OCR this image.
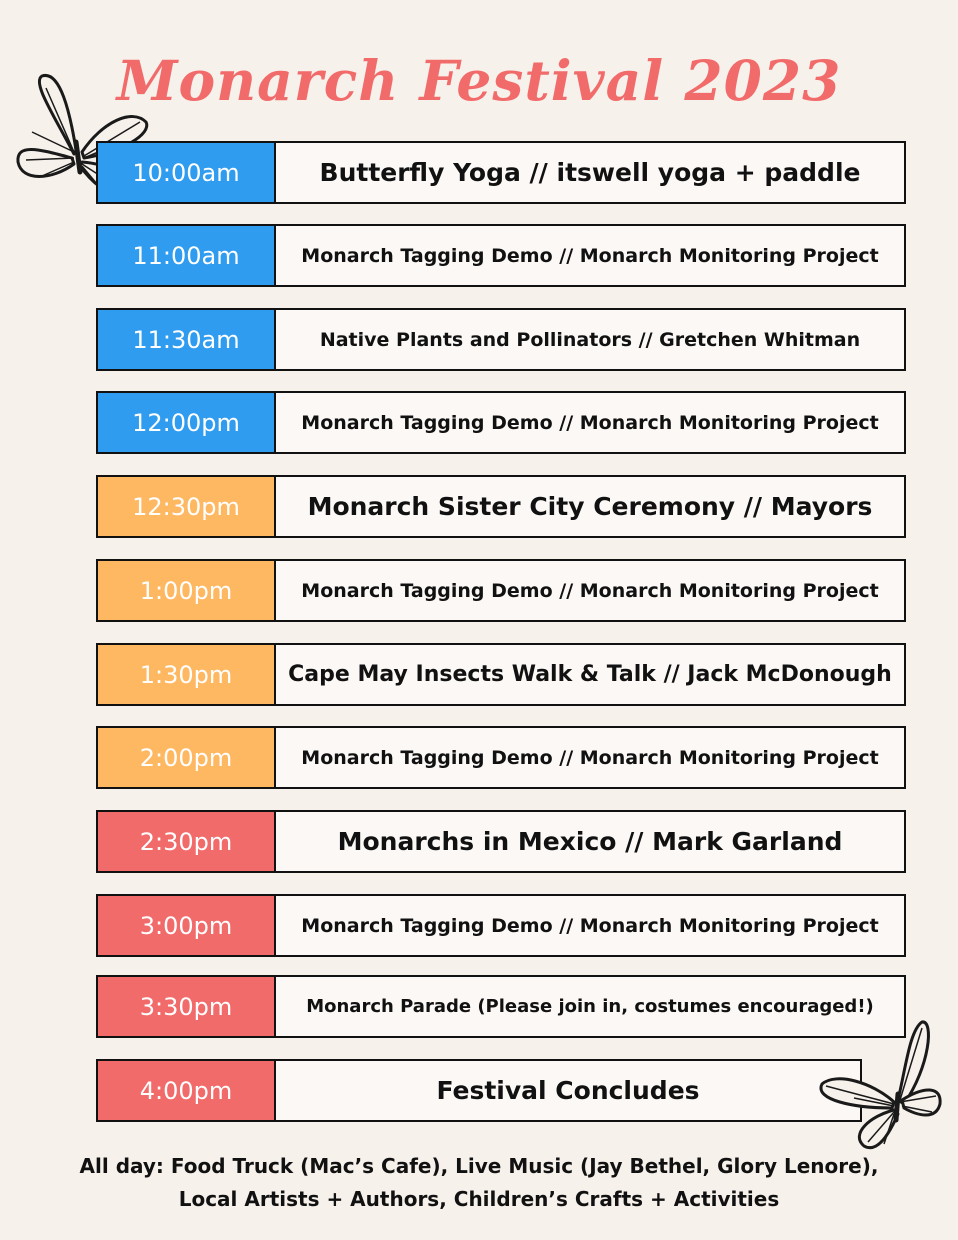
Monarch Festival 2023
10:00am	Butterfly Yoga // itswell yoga + paddle
11:00am	Monarch Tagging Demo // Monarch Monitoring Project
11:30am	Native Plants and Pollinators // Gretchen Whitman
12:00pm	Monarch Tagging Demo // Monarch Monitoring Project
12:30pm	Monarch Sister City Ceremony // Mayors
1:00pm	Monarch Tagging Demo // Monarch Monitoring Project
1:30pm	Cape May Insects Walk & Talk // Jack McDonough
2:00pm	Monarch Tagging Demo // Monarch Monitoring Project
2:30pm	Monarchs in Mexico // Mark Garland
3:00pm	Monarch Tagging Demo // Monarch Monitoring Project
3:30pm	Monarch Parade (Please join in, costumes encouraged!)
4:00pm	Festival Concludes
All day: Food Truck (Mac’s Cafe), Live Music (Jay Bethel, Glory Lenore),
Local Artists + Authors, Children’s Crafts + Activities
